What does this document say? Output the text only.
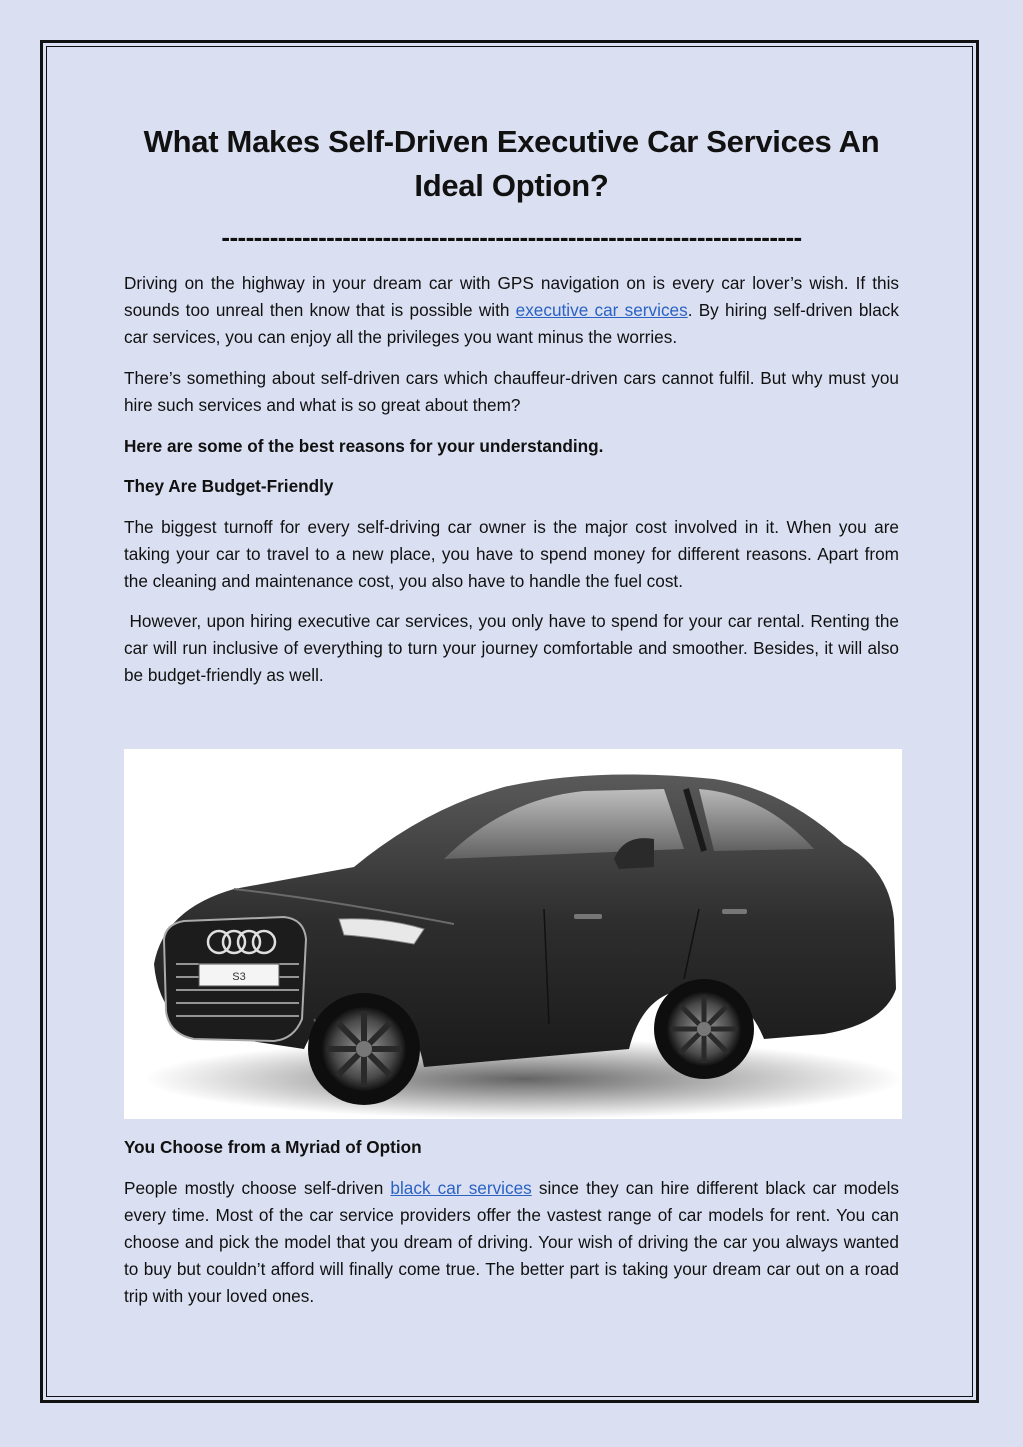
What Makes Self-Driven Executive Car Services An Ideal Option?
------------------------------------------------------------------------

Driving on the highway in your dream car with GPS navigation on is every car lover’s wish. If this sounds too unreal then know that is possible with executive car services. By hiring self-driven black car services, you can enjoy all the privileges you want minus the worries.

There’s something about self-driven cars which chauffeur-driven cars cannot fulfil. But why must you hire such services and what is so great about them?

Here are some of the best reasons for your understanding.

They Are Budget-Friendly

The biggest turnoff for every self-driving car owner is the major cost involved in it. When you are taking your car to travel to a new place, you have to spend money for different reasons. Apart from the cleaning and maintenance cost, you also have to handle the fuel cost.

However, upon hiring executive car services, you only have to spend for your car rental. Renting the car will run inclusive of everything to turn your journey comfortable and smoother. Besides, it will also be budget-friendly as well.

S3

You Choose from a Myriad of Option

People mostly choose self-driven black car services since they can hire different black car models every time. Most of the car service providers offer the vastest range of car models for rent. You can choose and pick the model that you dream of driving. Your wish of driving the car you always wanted to buy but couldn’t afford will finally come true. The better part is taking your dream car out on a road trip with your loved ones.
